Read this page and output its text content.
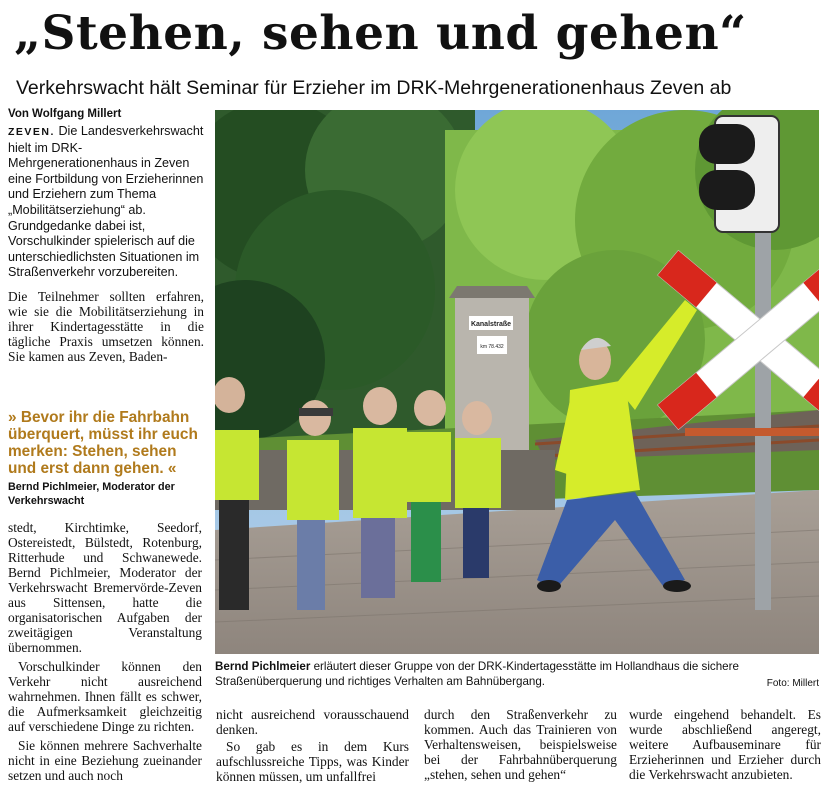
„Stehen, sehen und gehen“
Verkehrswacht hält Seminar für Erzieher im DRK-Mehrgenerationenhaus Zeven ab
Von Wolfgang Millert

ZEVEN. Die Landesverkehrswacht hielt im DRK-Mehrgenerationenhaus in Zeven eine Fortbildung von Erzieherinnen und Erziehern zum Thema „Mobilitätserziehung“ ab. Grundgedanke dabei ist, Vorschulkinder spielerisch auf die unterschiedlichsten Situationen im Straßenverkehr vorzubereiten.

Die Teilnehmer sollten erfahren, wie sie die Mobilitätserziehung in ihrer Kindertagesstätte in die tägliche Praxis umsetzen können. Sie kamen aus Zeven, Baden-

» Bevor ihr die Fahrbahn überquert, müsst ihr euch merken: Stehen, sehen und erst dann gehen. «
Bernd Pichlmeier, Moderator der Verkehrswacht

stedt, Kirchtimke, Seedorf, Ostereistedt, Bülstedt, Rotenburg, Ritterhude und Schwanewede. Bernd Pichlmeier, Moderator der Verkehrswacht Bremervörde-Zeven aus Sittensen, hatte die organisatorischen Aufgaben der zweitägigen Veranstaltung übernommen.

Vorschulkinder können den Verkehr nicht ausreichend wahrnehmen. Ihnen fällt es schwer, die Aufmerksamkeit gleichzeitig auf verschiedene Dinge zu richten.

Sie können mehrere Sachverhalte nicht in eine Beziehung zueinander setzen und auch noch

Kanalstraße
km 78.432
Bernd Pichlmeier erläutert dieser Gruppe von der DRK-Kindertagesstätte im Hollandhaus die sichere Straßenüberquerung und richtiges Verhalten am Bahnübergang.	Foto: Millert

nicht ausreichend vorausschauend denken.

So gab es in dem Kurs aufschlussreiche Tipps, was Kinder können müssen, um unfallfrei

durch den Straßenverkehr zu kommen. Auch das Trainieren von Verhaltensweisen, beispielsweise bei der Fahrbahnüberquerung „stehen, sehen und gehen“

wurde eingehend behandelt. Es wurde abschließend angeregt, weitere Aufbauseminare für Erzieherinnen und Erzieher durch die Verkehrswacht anzubieten.
